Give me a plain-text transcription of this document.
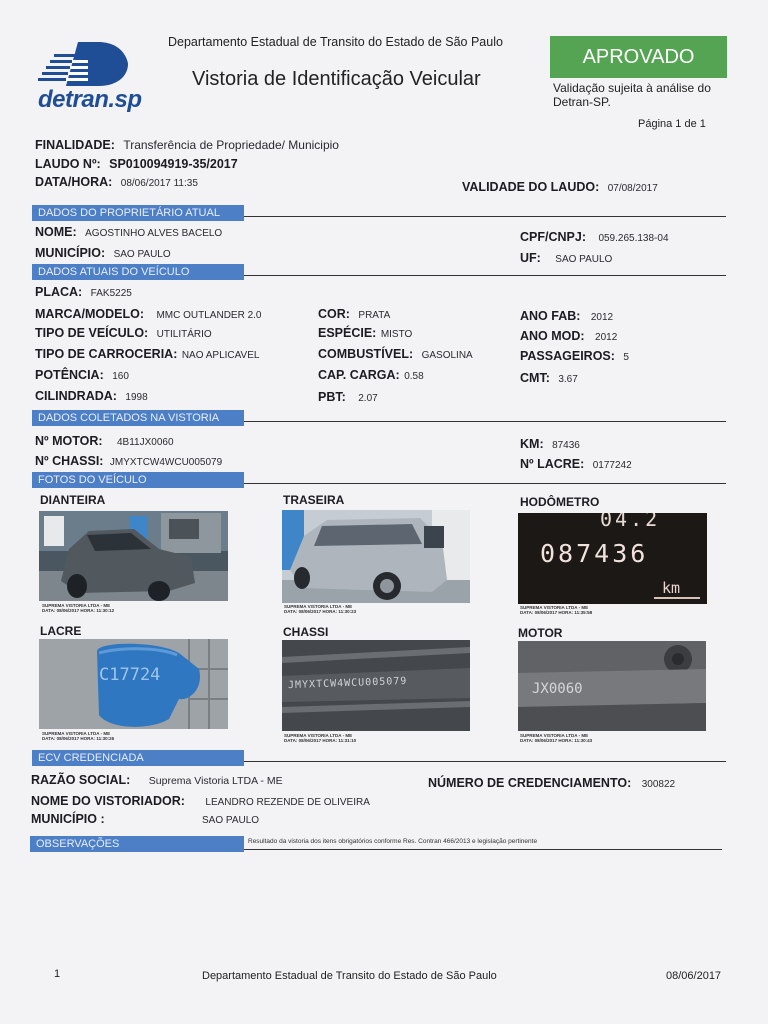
detran.sp
Departamento Estadual de Transito do Estado de São Paulo
Vistoria de Identificação Veicular
APROVADO
Validação sujeita à análise do Detran-SP.
Página 1 de 1
FINALIDADE: Transferência de Propriedade/ Municipio
LAUDO Nº: SP010094919-35/2017
DATA/HORA: 08/06/2017 11:35	VALIDADE DO LAUDO: 07/08/2017
DADOS DO PROPRIETÁRIO ATUAL
NOME: AGOSTINHO ALVES BACELO	CPF/CNPJ: 059.265.138-04
MUNICÍPIO: SAO PAULO	UF: SAO PAULO
DADOS ATUAIS DO VEÍCULO
PLACA: FAK5225
MARCA/MODELO: MMC OUTLANDER 2.0	COR: PRATA	ANO FAB: 2012
TIPO DE VEÍCULO: UTILITÁRIO	ESPÉCIE: MISTO	ANO MOD: 2012
TIPO DE CARROCERIA: NAO APLICAVEL	COMBUSTÍVEL: GASOLINA	PASSAGEIROS: 5
POTÊNCIA: 160	CAP. CARGA: 0.58	CMT: 3.67
CILINDRADA: 1998	PBT: 2.07
DADOS COLETADOS NA VISTORIA
Nº MOTOR: 4B11JX0060	KM: 87436
Nº CHASSI: JMYXTCW4WCU005079	Nº LACRE: 0177242
FOTOS DO VEÍCULO
DIANTEIRA
SUPREMA VISTORIA LTDA - ME
DATA: 08/06/2017 HORA: 11:30:12
TRASEIRA
SUPREMA VISTORIA LTDA - ME
DATA: 08/06/2017 HORA: 11:30:23
HODÔMETRO
04.2
087436
km
SUPREMA VISTORIA LTDA - ME
DATA: 08/06/2017 HORA: 11:35:58
LACRE
C17724
SUPREMA VISTORIA LTDA - ME
DATA: 08/06/2017 HORA: 11:30:26
CHASSI
JMYXTCW4WCU005079
SUPREMA VISTORIA LTDA - ME
DATA: 08/06/2017 HORA: 11:31:10
MOTOR
JX0060
SUPREMA VISTORIA LTDA - ME
DATA: 08/06/2017 HORA: 11:30:43
ECV CREDENCIADA
RAZÃO SOCIAL: Suprema Vistoria LTDA - ME	NÚMERO DE CREDENCIAMENTO: 300822
NOME DO VISTORIADOR: LEANDRO REZENDE DE OLIVEIRA
MUNICÍPIO :	SAO PAULO
OBSERVAÇÕES	Resultado da vistoria dos itens obrigatórios conforme Res. Contran 466/2013 e legislação pertinente
1	Departamento Estadual de Transito do Estado de São Paulo	08/06/2017
